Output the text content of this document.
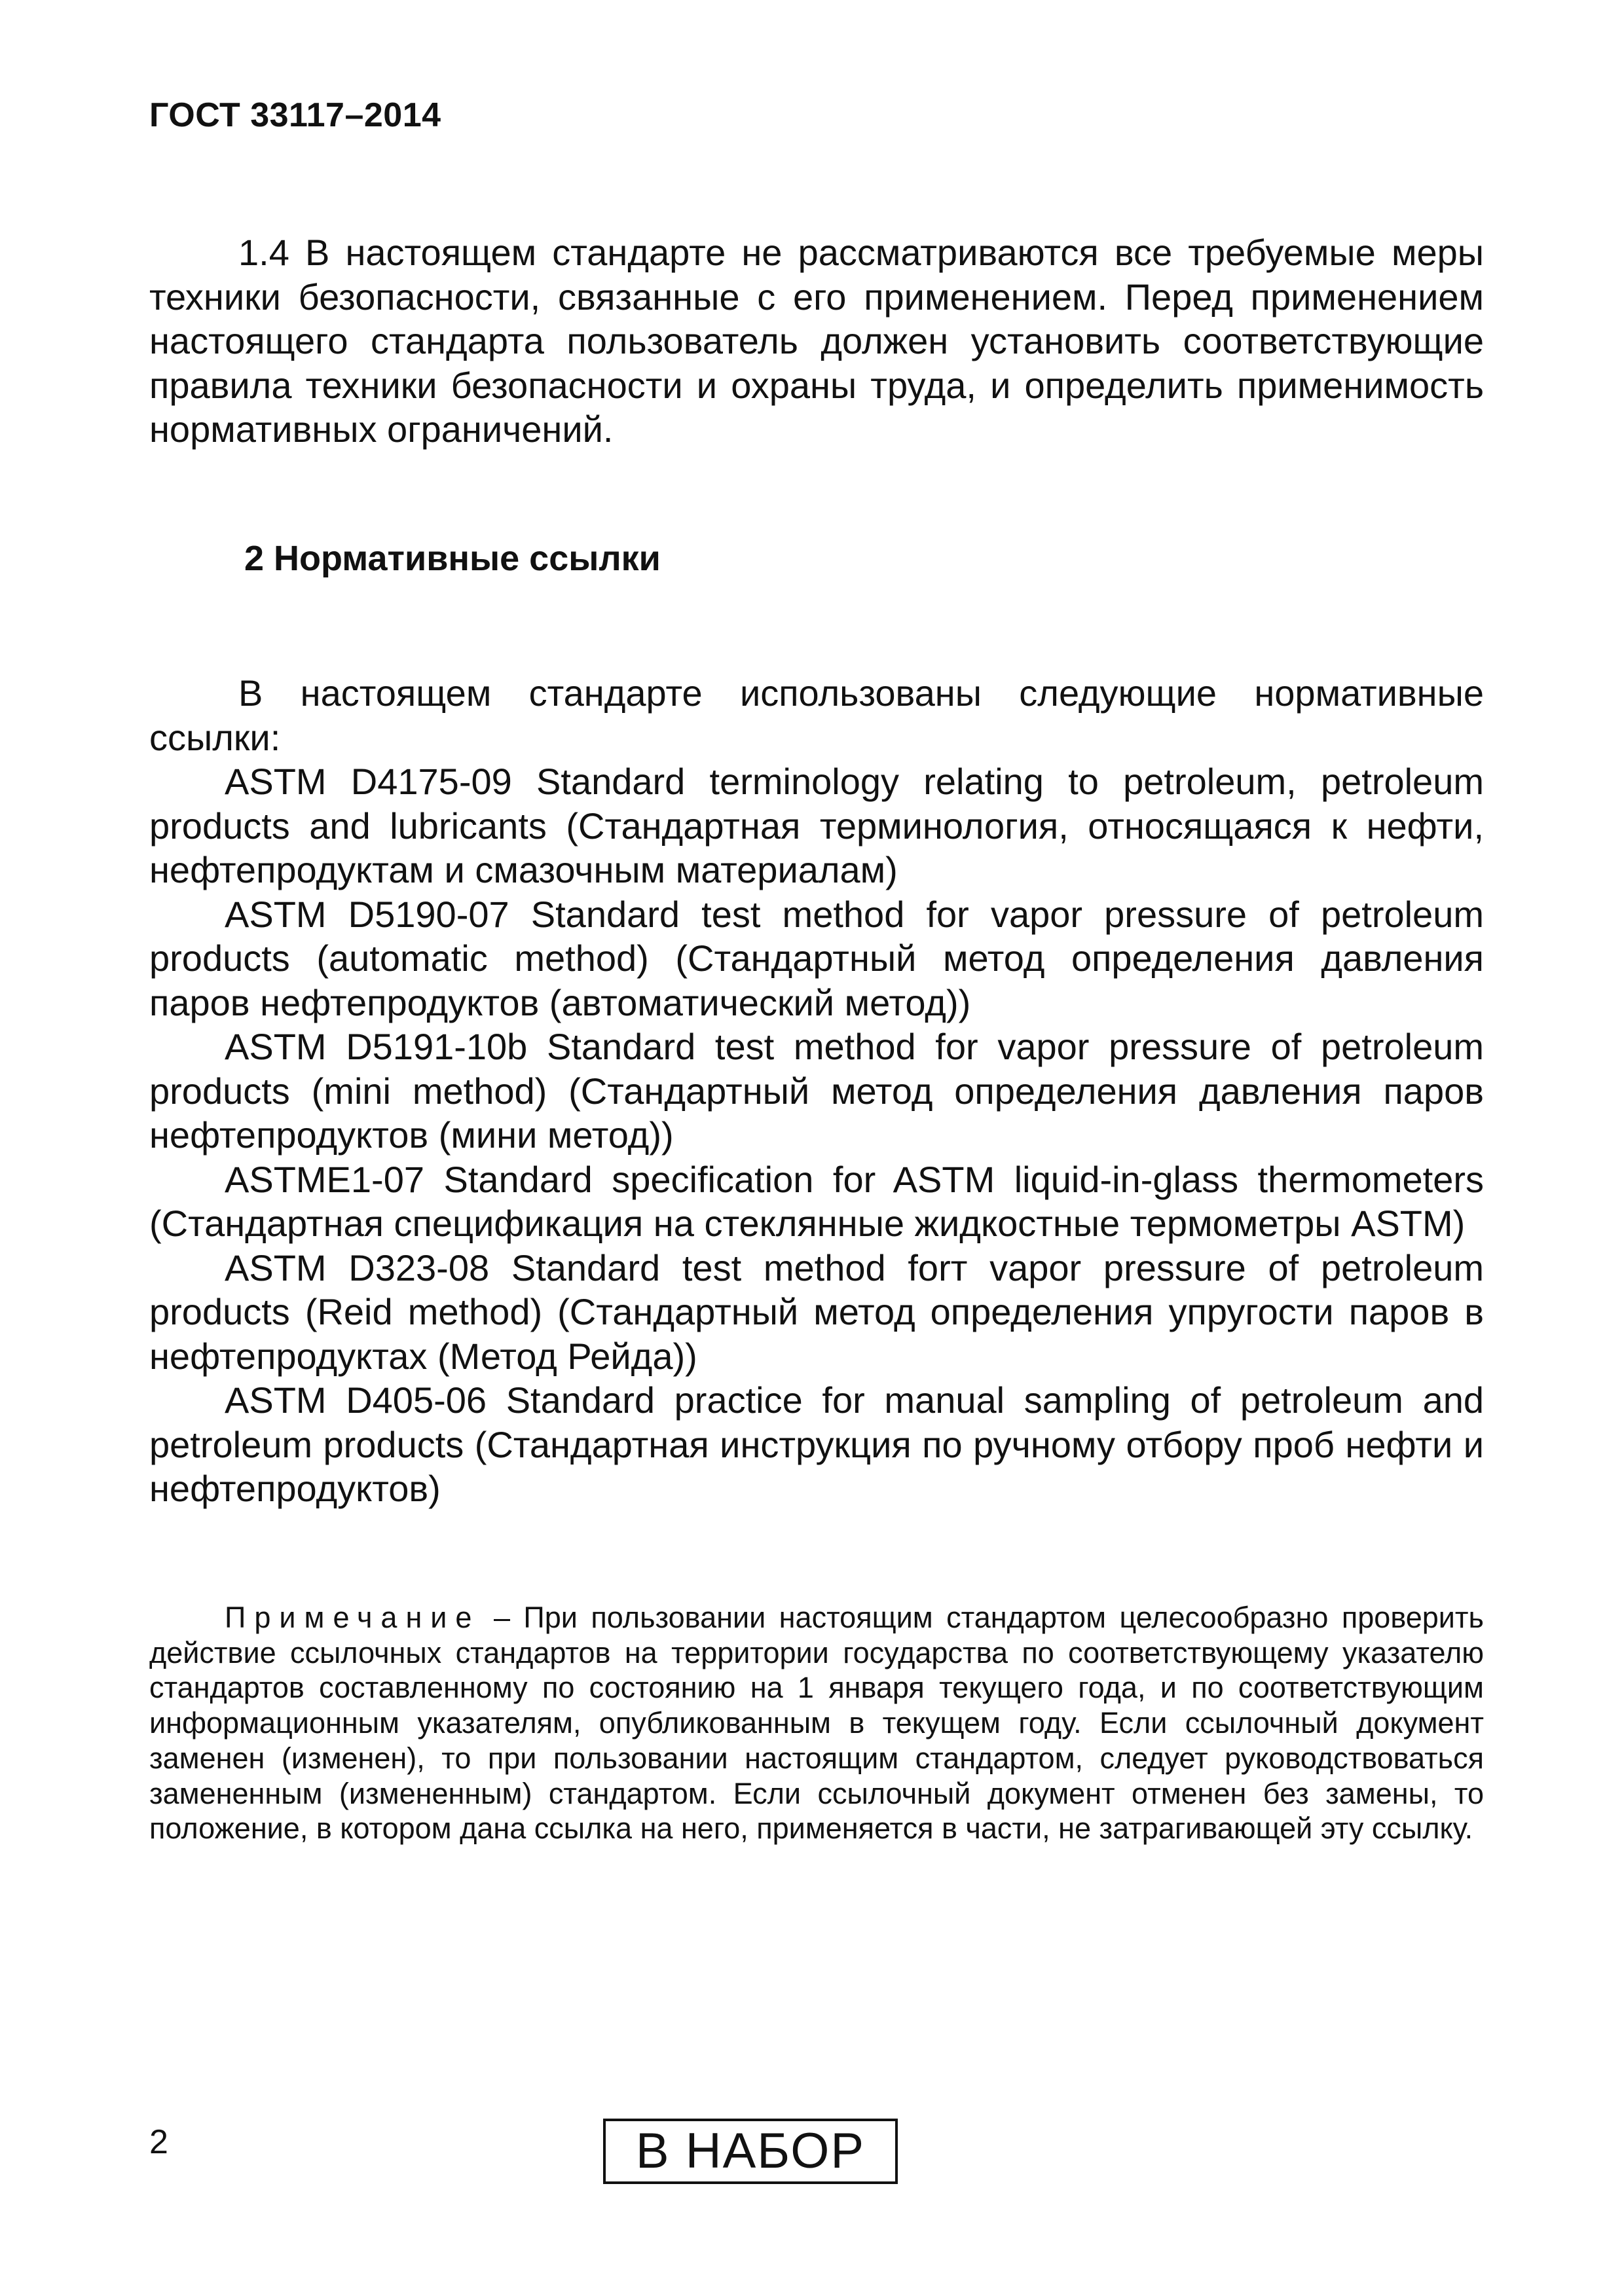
ГОСТ 33117–2014

1.4 В настоящем стандарте не рассматриваются все требуемые меры техники безопасности, связанные с его применением. Перед применением настоящего стандарта пользователь должен установить соответствующие правила техники безопасности и охраны труда, и определить применимость нормативных ограничений.

2 Нормативные ссылки

В настоящем стандарте использованы следующие нормативные ссылки:

ASTM D4175-09 Standard terminology relating to petroleum, petroleum products and lubricants (Стандартная терминология, относящаяся к нефти, нефтепродуктам и смазочным материалам)

ASTM D5190-07 Standard test method for vapor pressure of petroleum products (automatic method) (Стандартный метод определения давления паров нефтепродуктов (автоматический метод))

ASTM D5191-10b Standard test method for vapor pressure of petroleum products (mini method) (Стандартный метод определения давления паров нефтепродуктов (мини метод))

ASTME1-07 Standard specification for ASTM liquid-in-glass thermometers (Стандартная спецификация на стеклянные жидкостные термометры ASTM)

ASTM D323-08 Standard test method forт vapor pressure of petroleum products (Reid method) (Стандартный метод определения упругости паров в нефтепродуктах (Метод Рейда))

ASTM D405-06 Standard practice for manual sampling of petroleum and petroleum products (Стандартная инструкция по ручному отбору проб нефти и нефтепродуктов)

Примечание – При пользовании настоящим стандартом целесообразно проверить действие ссылочных стандартов на территории государства по соответствующему указателю стандартов составленному по состоянию на 1 января текущего года, и по соответствующим информационным указателям, опубликованным в текущем году. Если ссылочный документ заменен (изменен), то при пользовании настоящим стандартом, следует руководствоваться замененным (измененным) стандартом. Если ссылочный документ отменен без замены, то положение, в котором дана ссылка на него, применяется в части, не затрагивающей эту ссылку.
2	В НАБОР
